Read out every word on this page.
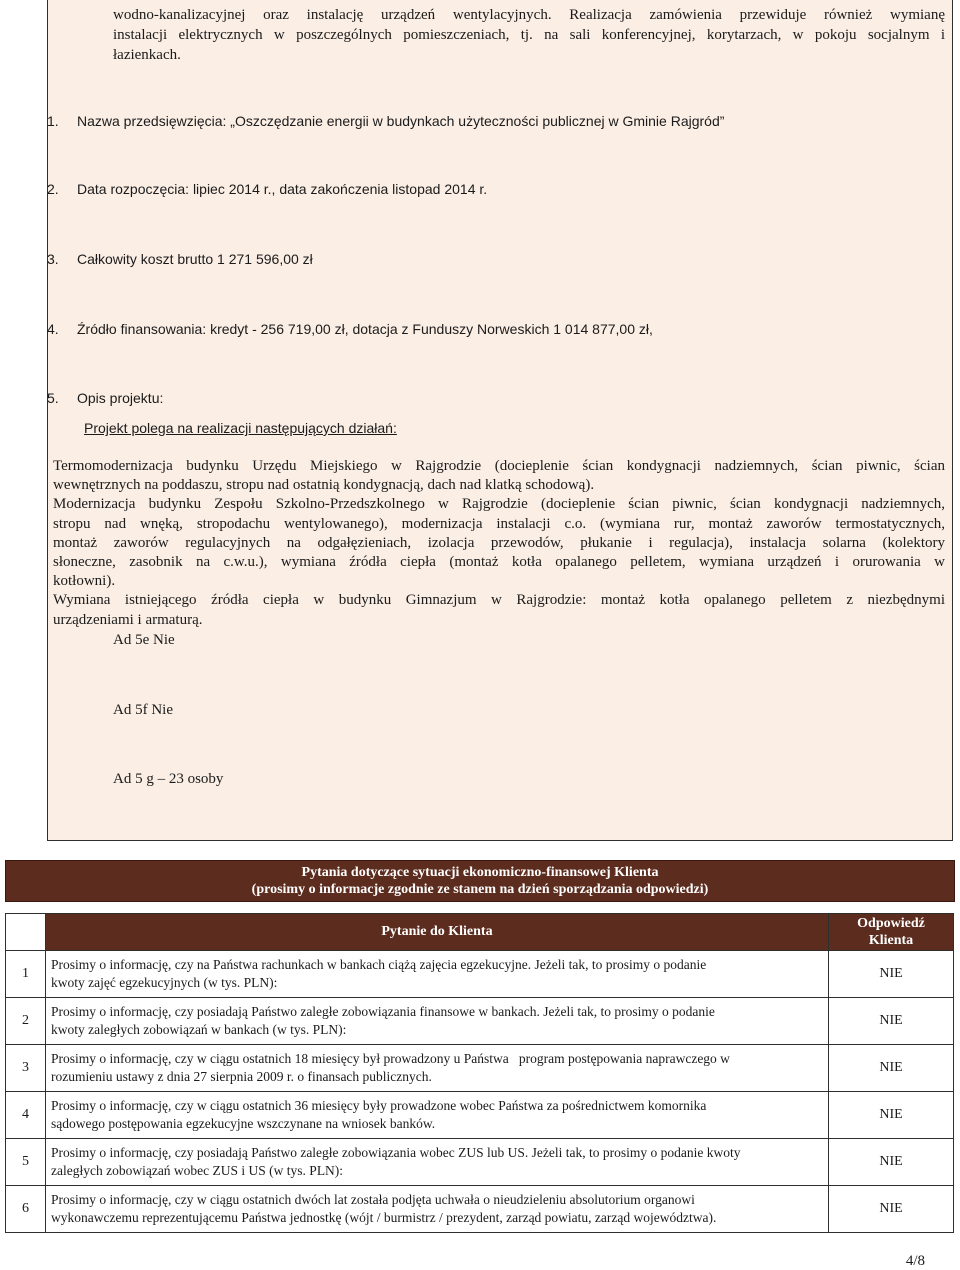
wodno-kanalizacyjnej oraz instalację urządzeń wentylacyjnych. Realizacja zamówienia przewiduje również wymianę
instalacji elektrycznych w poszczególnych pomieszczeniach, tj. na sali konferencyjnej, korytarzach, w pokoju socjalnym i
łazienkach.
1. Nazwa przedsięwzięcia: „Oszczędzanie energii w budynkach użyteczności publicznej w Gminie Rajgród”
2. Data rozpoczęcia: lipiec 2014 r., data zakończenia listopad 2014 r.
3. Całkowity koszt brutto 1 271 596,00 zł
4. Źródło finansowania: kredyt - 256 719,00 zł, dotacja z Funduszy Norweskich 1 014 877,00 zł,
5. Opis projektu:
Projekt polega na realizacji następujących działań:
Termomodernizacja budynku Urzędu Miejskiego w Rajgrodzie (docieplenie ścian kondygnacji nadziemnych, ścian piwnic, ścian
wewnętrznych na poddaszu, stropu nad ostatnią kondygnacją, dach nad klatką schodową).
Modernizacja budynku Zespołu Szkolno-Przedszkolnego w Rajgrodzie (docieplenie ścian piwnic, ścian kondygnacji nadziemnych,
stropu nad wnęką, stropodachu wentylowanego), modernizacja instalacji c.o. (wymiana rur, montaż zaworów termostatycznych,
montaż zaworów regulacyjnych na odgałęzieniach, izolacja przewodów, płukanie i regulacja), instalacja solarna (kolektory
słoneczne, zasobnik na c.w.u.), wymiana źródła ciepła (montaż kotła opalanego pelletem, wymiana urządzeń i orurowania w
kotłowni).
Wymiana istniejącego źródła ciepła w budynku Gimnazjum w Rajgrodzie: montaż kotła opalanego pelletem z niezbędnymi
urządzeniami i armaturą.
Ad 5e Nie
Ad 5f Nie
Ad 5 g – 23 osoby
Pytania dotyczące sytuacji ekonomiczno-finansowej Klienta
(prosimy o informacje zgodnie ze stanem na dzień sporządzania odpowiedzi)
	Pytanie do Klienta	Odpowiedź Klienta
1	Prosimy o informację, czy na Państwa rachunkach w bankach ciążą zajęcia egzekucyjne. Jeżeli tak, to prosimy o podanie
kwoty zajęć egzekucyjnych (w tys. PLN):	NIE
2	Prosimy o informację, czy posiadają Państwo zaległe zobowiązania finansowe w bankach. Jeżeli tak, to prosimy o podanie
kwoty zaległych zobowiązań w bankach (w tys. PLN):	NIE
3	Prosimy o informację, czy w ciągu ostatnich 18 miesięcy był prowadzony u Państwa   program postępowania naprawczego w
rozumieniu ustawy z dnia 27 sierpnia 2009 r. o finansach publicznych.	NIE
4	Prosimy o informację, czy w ciągu ostatnich 36 miesięcy były prowadzone wobec Państwa za pośrednictwem komornika
sądowego postępowania egzekucyjne wszczynane na wniosek banków.	NIE
5	Prosimy o informację, czy posiadają Państwo zaległe zobowiązania wobec ZUS lub US. Jeżeli tak, to prosimy o podanie kwoty
zaległych zobowiązań wobec ZUS i US (w tys. PLN):	NIE
6	Prosimy o informację, czy w ciągu ostatnich dwóch lat została podjęta uchwała o nieudzieleniu absolutorium organowi
wykonawczemu reprezentującemu Państwa jednostkę (wójt / burmistrz / prezydent, zarząd powiatu, zarząd województwa).	NIE
4/8
